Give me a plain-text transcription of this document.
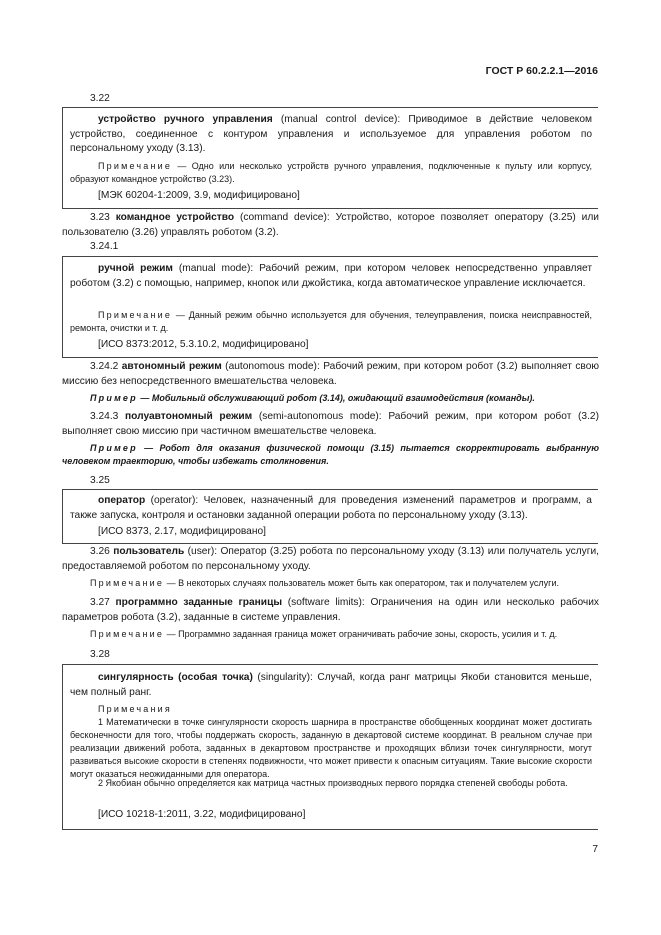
ГОСТ Р 60.2.2.1—2016
3.22
устройство ручного управления (manual control device): Приводимое в действие человеком устройство, соединенное с контуром управления и используемое для управления роботом по персональному уходу (3.13).
Примечание — Одно или несколько устройств ручного управления, подключенные к пульту или корпусу, образуют командное устройство (3.23).
[МЭК 60204-1:2009, 3.9, модифицировано]
3.23 командное устройство (command device): Устройство, которое позволяет оператору (3.25) или пользователю (3.26) управлять роботом (3.2).
3.24.1
ручной режим (manual mode): Рабочий режим, при котором человек непосредственно управляет роботом (3.2) с помощью, например, кнопок или джойстика, когда автоматическое управление исключается.
Примечание — Данный режим обычно используется для обучения, телеуправления, поиска неисправностей, ремонта, очистки и т. д.
[ИСО 8373:2012, 5.3.10.2, модифицировано]
3.24.2 автономный режим (autonomous mode): Рабочий режим, при котором робот (3.2) выполняет свою миссию без непосредственного вмешательства человека.
Пример — Мобильный обслуживающий робот (3.14), ожидающий взаимодействия (команды).
3.24.3 полуавтономный режим (semi-autonomous mode): Рабочий режим, при котором робот (3.2) выполняет свою миссию при частичном вмешательстве человека.
Пример — Робот для оказания физической помощи (3.15) пытается скорректировать выбранную человеком траекторию, чтобы избежать столкновения.
3.25
оператор (operator): Человек, назначенный для проведения изменений параметров и программ, а также запуска, контроля и остановки заданной операции робота по персональному уходу (3.13).
[ИСО 8373, 2.17, модифицировано]
3.26 пользователь (user): Оператор (3.25) робота по персональному уходу (3.13) или получатель услуги, предоставляемой роботом по персональному уходу.
Примечание — В некоторых случаях пользователь может быть как оператором, так и получателем услуги.
3.27 программно заданные границы (software limits): Ограничения на один или несколько рабочих параметров робота (3.2), заданные в системе управления.
Примечание — Программно заданная граница может ограничивать рабочие зоны, скорость, усилия и т. д.
3.28
сингулярность (особая точка) (singularity): Случай, когда ранг матрицы Якоби становится меньше, чем полный ранг.
Примечания
1 Математически в точке сингулярности скорость шарнира в пространстве обобщенных координат может достигать бесконечности для того, чтобы поддержать скорость, заданную в декартовой системе координат. В реальном случае при реализации движений робота, заданных в декартовом пространстве и проходящих вблизи точек сингулярности, могут развиваться высокие скорости в степенях подвижности, что может привести к опасным ситуациям. Такие высокие скорости могут оказаться неожиданными для оператора.
2 Якобиан обычно определяется как матрица частных производных первого порядка степеней свободы робота.
[ИСО 10218-1:2011, 3.22, модифицировано]
7
